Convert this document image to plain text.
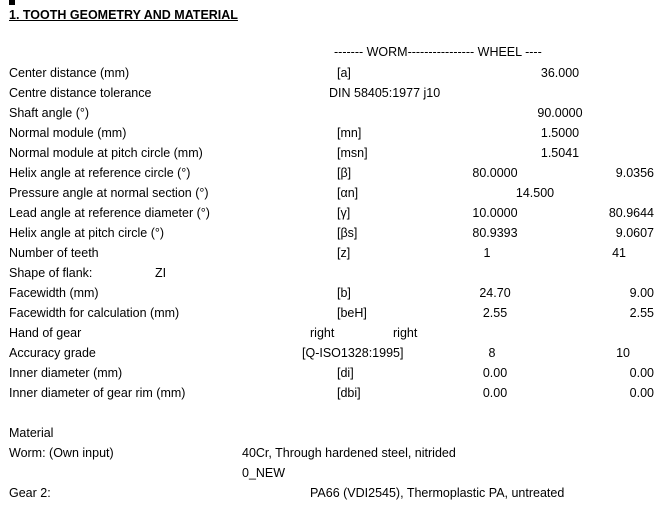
1. TOOTH GEOMETRY AND MATERIAL
------- WORM---------------- WHEEL ----
Center distance (mm)	[a]	36.000
Centre distance tolerance	DIN 58405:1977 j10
Shaft angle (°)	90.0000
Normal module (mm)	[mn]	1.5000
Normal module at pitch circle (mm)	[msn]	1.5041
Helix angle at reference circle (°)	[β]	80.0000	9.0356
Pressure angle at normal section (°)	[αn]	14.500
Lead angle at reference diameter (°)	[γ]	10.0000	80.9644
Helix angle at pitch circle (°)	[βs]	80.9393	9.0607
Number of teeth	[z]	1	41
Shape of flank:	ZI
Facewidth (mm)	[b]	24.70	9.00
Facewidth for calculation (mm)	[beH]	2.55	2.55
Hand of gear	right	right
Accuracy grade	[Q-ISO1328:1995]	8	10
Inner diameter (mm)	[di]	0.00	0.00
Inner diameter of gear rim (mm)	[dbi]	0.00	0.00
Material
Worm: (Own input)	40Cr, Through hardened steel, nitrided
0_NEW
Gear 2:	PA66 (VDI2545), Thermoplastic PA, untreated
